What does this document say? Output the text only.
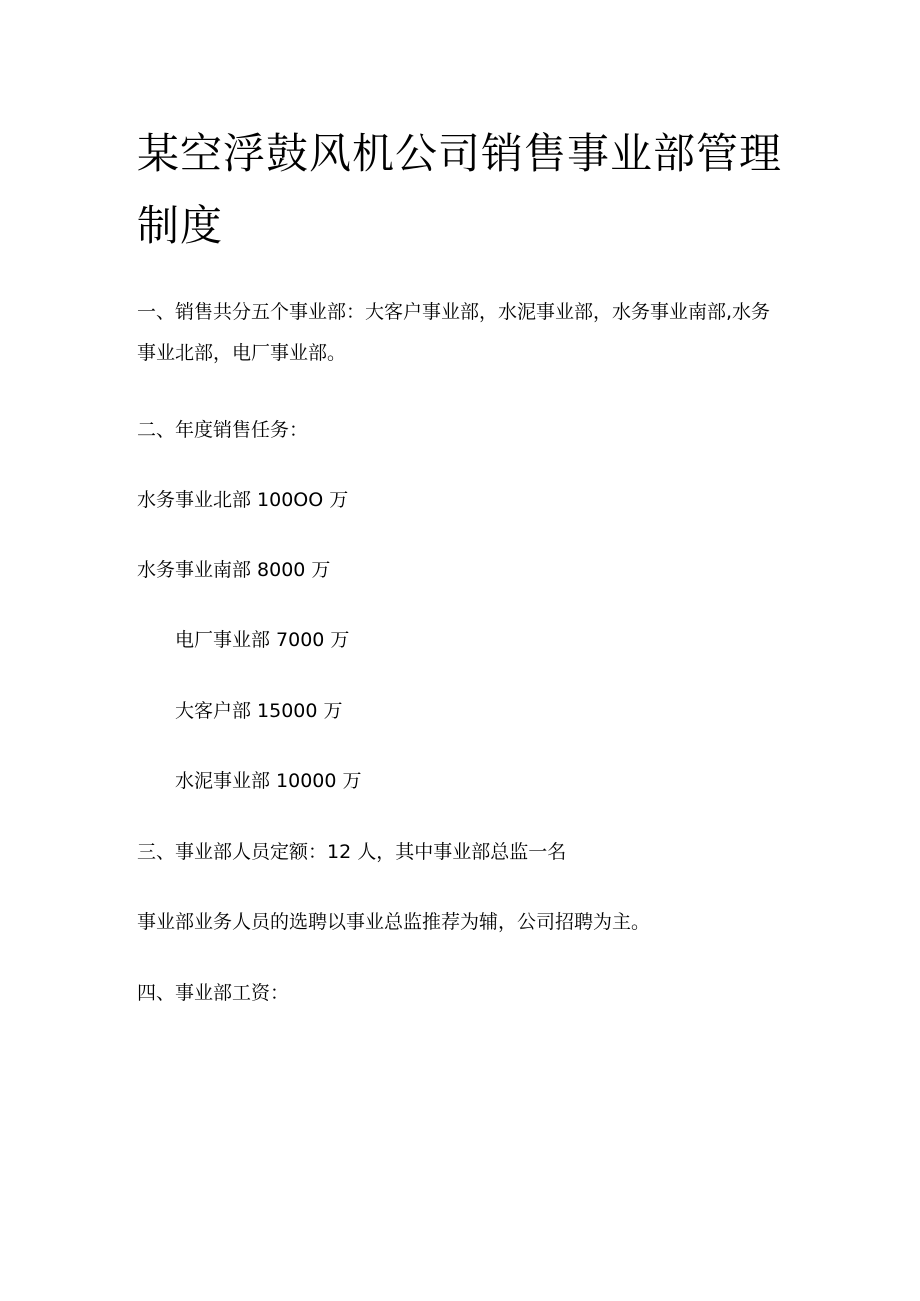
某空浮鼓风机公司销售事业部管理制度

一、销售共分五个事业部：大客户事业部，水泥事业部，水务事业南部,水务事业北部，电厂事业部。

二、年度销售任务：

水务事业北部 100OO 万

水务事业南部 8000 万

电厂事业部 7000 万

大客户部 15000 万

水泥事业部 10000 万

三、事业部人员定额：12 人，其中事业部总监一名

事业部业务人员的选聘以事业总监推荐为辅，公司招聘为主。

四、事业部工资：
